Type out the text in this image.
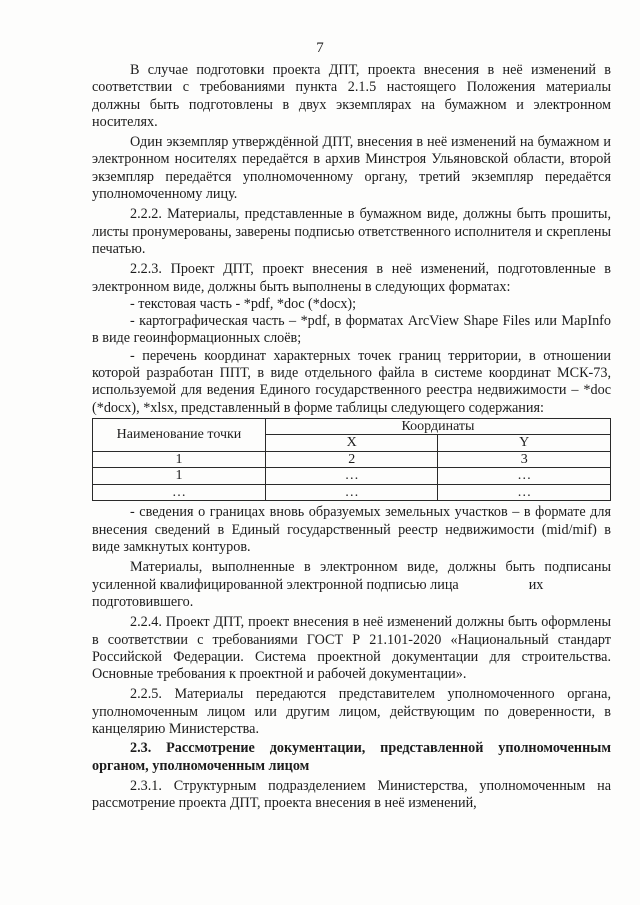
7

В случае подготовки проекта ДПТ, проекта внесения в неё изменений в соответствии с требованиями пункта 2.1.5 настоящего Положения материалы должны быть подготовлены в двух экземплярах на бумажном и электронном носителях.

Один экземпляр утверждённой ДПТ, внесения в неё изменений на бумажном и электронном носителях передаётся в архив Минстроя Ульяновской области, второй экземпляр передаётся уполномоченному органу, третий экземпляр передаётся уполномоченному лицу.

2.2.2. Материалы, представленные в бумажном виде, должны быть прошиты, листы пронумерованы, заверены подписью ответственного исполнителя и скреплены печатью.

2.2.3. Проект ДПТ, проект внесения в неё изменений, подготовленные в электронном виде, должны быть выполнены в следующих форматах:

- текстовая часть - *pdf, *doc (*docx);

- картографическая часть – *pdf, в форматах ArcView Shape Files или MapInfo в виде геоинформационных слоёв;

- перечень координат характерных точек границ территории, в отношении которой разработан ППТ, в виде отдельного файла в системе координат МСК-73, используемой для ведения Единого государственного реестра недвижимости – *doc (*docx), *xlsx, представленный в форме таблицы следующего содержания:

Наименование точки	Координаты	
	X	Y
1	2	3
1	…	…
…	…	…

- сведения о границах вновь образуемых земельных участков – в формате для внесения сведений в Единый государственный реестр недвижимости (mid/mif) в виде замкнутых контуров.

Материалы, выполненные в электронном виде, должны быть подписаны усиленной квалифицированной электронной подписью лица	их

подготовившего.

2.2.4. Проект ДПТ, проект внесения в неё изменений должны быть оформлены в соответствии с требованиями ГОСТ Р 21.101-2020 «Национальный стандарт Российской Федерации. Система проектной документации для строительства. Основные требования к проектной и рабочей документации».

2.2.5. Материалы передаются представителем уполномоченного органа, уполномоченным лицом или другим лицом, действующим по доверенности, в канцелярию Министерства.

2.3. Рассмотрение документации, представленной уполномоченным органом, уполномоченным лицом

2.3.1. Структурным подразделением Министерства, уполномоченным на рассмотрение проекта ДПТ, проекта внесения в неё изменений,
